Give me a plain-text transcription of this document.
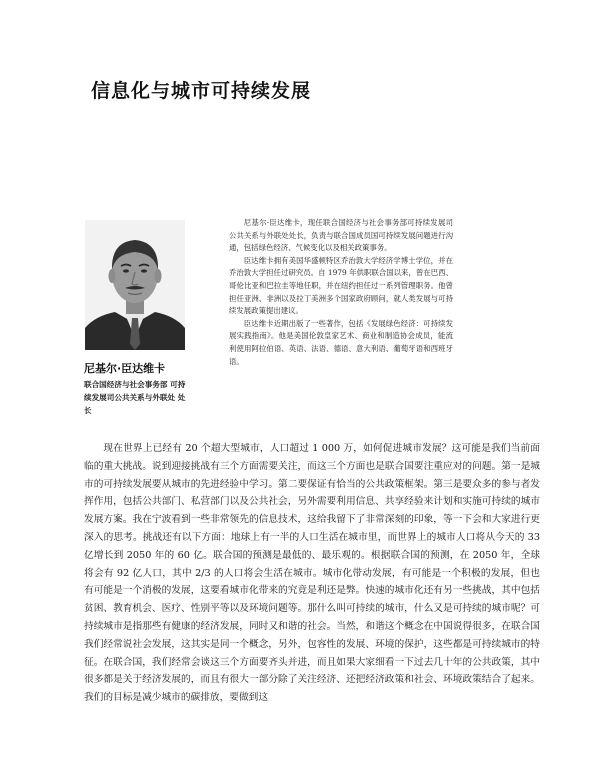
信息化与城市可持续发展

尼基尔·臣达维卡

联合国经济与社会事务部 可持续发展司公共关系与外联处 处长

尼基尔·臣达维卡，现任联合国经济与社会事务部可持续发展司公共关系与外联处处长，负责与联合国成员国可持续发展问题进行沟通，包括绿色经济、气候变化以及相关政策事务。

臣达维卡拥有美国华盛顿特区乔治敦大学经济学博士学位，并在乔治敦大学担任过研究员。自 1979 年供职联合国以来，曾在巴西、哥伦比亚和巴拉圭等地任职，并在纽约担任过一系列管理职务。他曾担任亚洲、非洲以及拉丁美洲多个国家政府顾问，就人类发展与可持续发展政策提出建议。

臣达维卡近期出版了一些著作，包括《发展绿色经济：可持续发展实践指南》。他是美国伦敦皇家艺术、商业和制造协会成员，能流利使用阿拉伯语、英语、法语、德语、意大利语、葡萄牙语和西班牙语。

现在世界上已经有 20 个超大型城市，人口超过 1 000 万，如何促进城市发展？这可能是我们当前面临的重大挑战。说到迎接挑战有三个方面需要关注，而这三个方面也是联合国要注重应对的问题。第一是城市的可持续发展要从城市的先进经验中学习。第二要保证有恰当的公共政策框架。第三是要众多的参与者发挥作用，包括公共部门、私营部门以及公共社会，另外需要利用信息、共享经验来计划和实施可持续的城市发展方案。我在宁波看到一些非常领先的信息技术，这给我留下了非常深刻的印象，等一下会和大家进行更深入的思考。挑战还有以下方面：地球上有一半的人口生活在城市里，而世界上的城市人口将从今天的 33 亿增长到 2050 年的 60 亿。联合国的预测是最低的、最乐观的。根据联合国的预测，在 2050 年，全球将会有 92 亿人口，其中 2/3 的人口将会生活在城市。城市化带动发展，有可能是一个积极的发展，但也有可能是一个消极的发展，这要看城市化带来的究竟是利还是弊。快速的城市化还有另一些挑战，其中包括贫困、教育机会、医疗、性别平等以及环境问题等。那什么叫可持续的城市，什么又是可持续的城市呢？可持续城市是指那些有健康的经济发展，同时又和谐的社会。当然，和谐这个概念在中国说得很多，在联合国我们经常说社会发展，这其实是同一个概念，另外，包容性的发展、环境的保护，这些都是可持续城市的特征。在联合国，我们经常会谈这三个方面要齐头并进，而且如果大家细看一下过去几十年的公共政策，其中很多都是关于经济发展的，而且有很大一部分除了关注经济、还把经济政策和社会、环境政策结合了起来。我们的目标是减少城市的碳排放，要做到这
